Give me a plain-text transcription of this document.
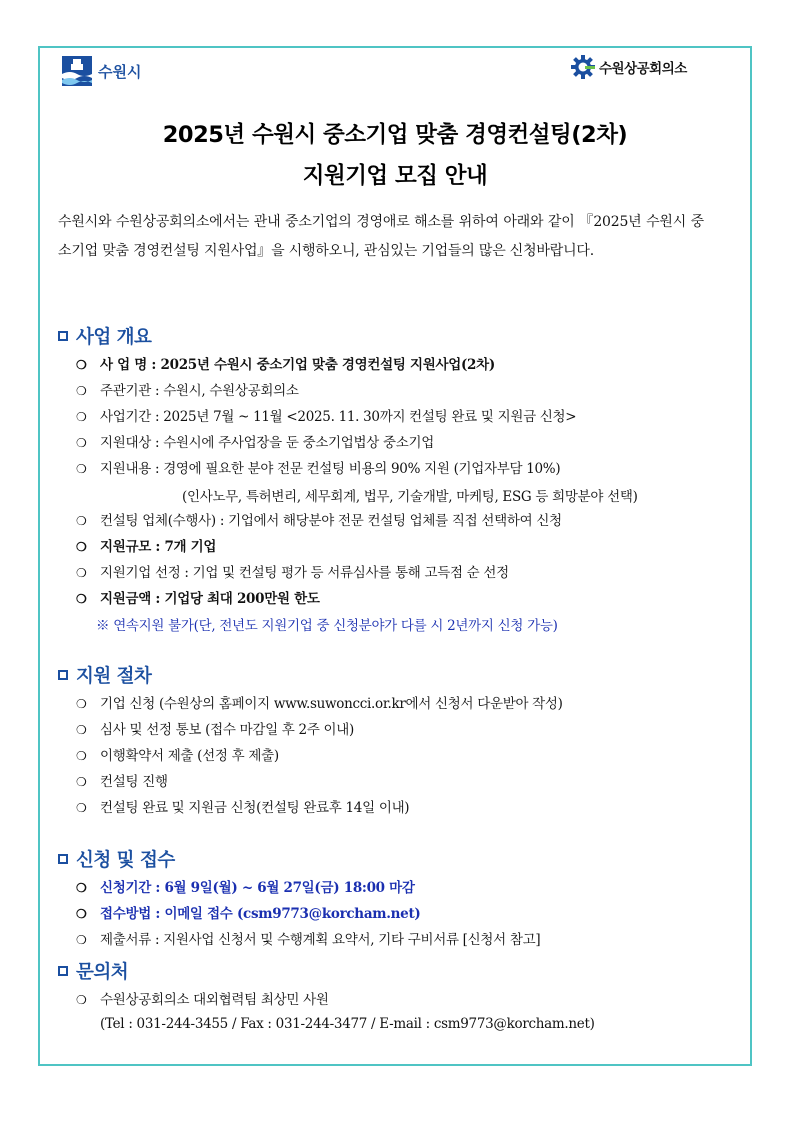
수원시	수원상공회의소
2025년 수원시 중소기업 맞춤 경영컨설팅(2차)
지원기업 모집 안내
수원시와 수원상공회의소에서는 관내 중소기업의 경영애로 해소를 위하여 아래와 같이 『2025년 수원시 중소기업 맞춤 경영컨설팅 지원사업』을 시행하오니, 관심있는 기업들의 많은 신청바랍니다.
사업 개요
❍ 사 업 명 : 2025년 수원시 중소기업 맞춤 경영컨설팅 지원사업(2차)
❍ 주관기관 : 수원시, 수원상공회의소
❍ 사업기간 : 2025년 7월 ~ 11월 <2025. 11. 30까지 컨설팅 완료 및 지원금 신청>
❍ 지원대상 : 수원시에 주사업장을 둔 중소기업법상 중소기업
❍ 지원내용 : 경영에 필요한 분야 전문 컨설팅 비용의 90% 지원 (기업자부담 10%)
(인사노무, 특허변리, 세무회계, 법무, 기술개발, 마케팅, ESG 등 희망분야 선택)
❍ 컨설팅 업체(수행사) : 기업에서 해당분야 전문 컨설팅 업체를 직접 선택하여 신청
❍ 지원규모 : 7개 기업
❍ 지원기업 선정 : 기업 및 컨설팅 평가 등 서류심사를 통해 고득점 순 선정
❍ 지원금액 : 기업당 최대 200만원 한도
※ 연속지원 불가(단, 전년도 지원기업 중 신청분야가 다를 시 2년까지 신청 가능)
지원 절차
❍ 기업 신청 (수원상의 홈페이지 www.suwoncci.or.kr에서 신청서 다운받아 작성)
❍ 심사 및 선정 통보 (접수 마감일 후 2주 이내)
❍ 이행확약서 제출 (선정 후 제출)
❍ 컨설팅 진행
❍ 컨설팅 완료 및 지원금 신청(컨설팅 완료후 14일 이내)
신청 및 접수
❍ 신청기간 : 6월 9일(월) ~ 6월 27일(금) 18:00 마감
❍ 접수방법 : 이메일 접수 (csm9773@korcham.net)
❍ 제출서류 : 지원사업 신청서 및 수행계획 요약서, 기타 구비서류 [신청서 참고]
문의처
❍ 수원상공회의소 대외협력팀 최상민 사원
(Tel : 031-244-3455 / Fax : 031-244-3477 / E-mail : csm9773@korcham.net)
